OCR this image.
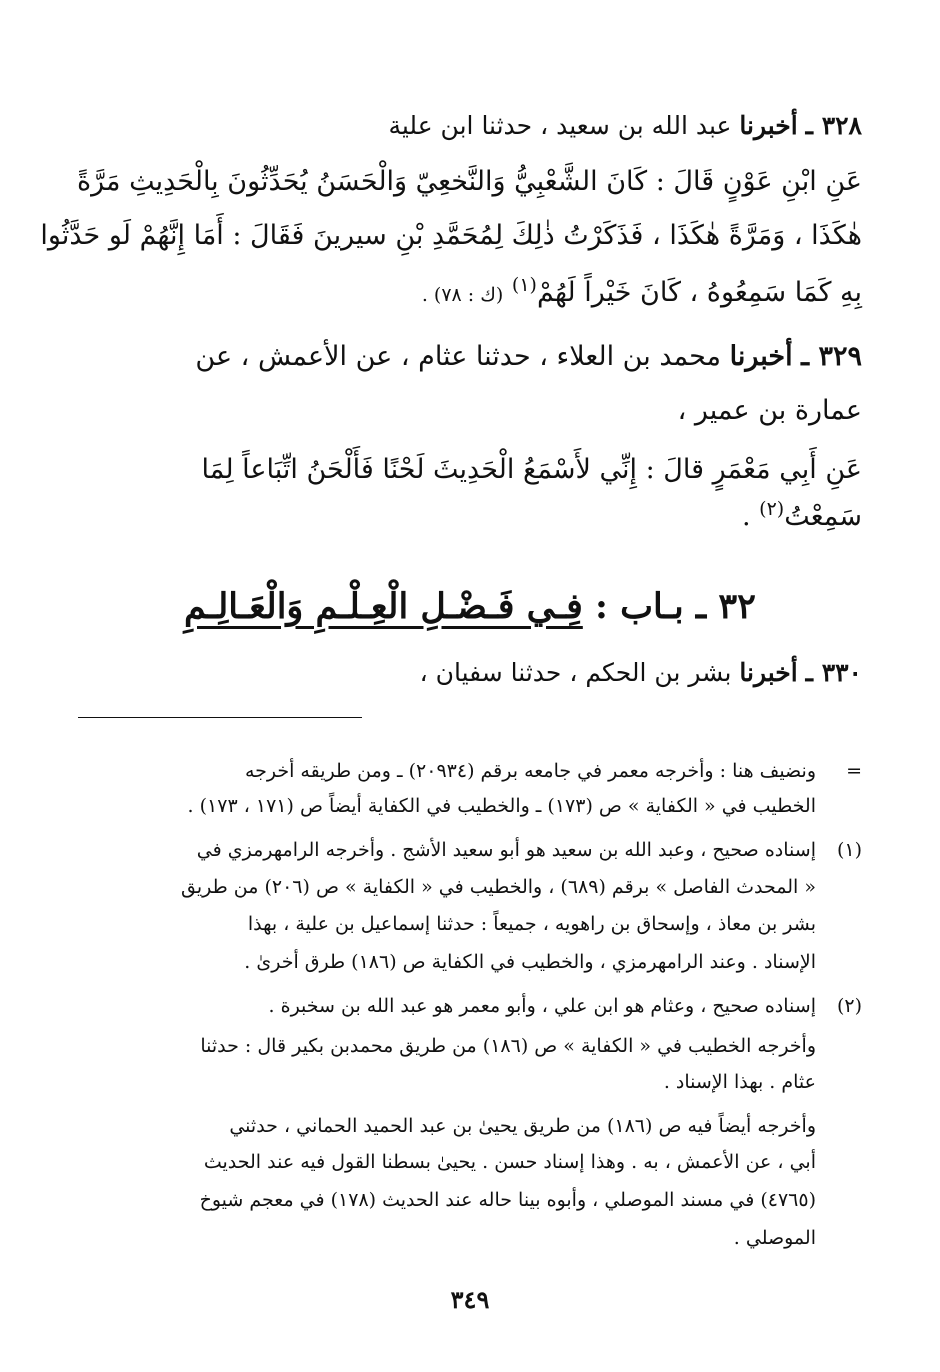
٣٢٨ ـ أخبرنا عبد الله بن سعيد ، حدثنا ابن علية
عَنِ ابْنِ عَوْنٍ قَالَ : كَانَ الشَّعْبِيُّ وَالنَّخعِيّ وَالْحَسَنُ يُحَدِّثُونَ بِالْحَدِيثِ مَرَّةً
هٰكَذَا ، وَمَرَّةً هٰكَذَا ، فَذَكَرْتُ ذٰلِكَ لِمُحَمَّدِ بْنِ سيرينَ فَقَالَ : أَمَا إِنَّهُمْ لَو حَدَّثُوا
بِهِ كَمَا سَمِعُوهُ ، كَانَ خَيْراً لَهُمْ$^{(١)}$ (ك : ٧٨) .
٣٢٩ ـ أخبرنا محمد بن العلاء ، حدثنا عثام ، عن الأعمش ، عن
عمارة بن عمير ،
عَنِ أَبِي مَعْمَرٍ قالَ : إِنِّي لأَسْمَعُ الْحَدِيثَ لَحْنًا فَأَلْحَنُ اتِّبَاعاً لِمَا
سَمِعْتُ$^{(٢)}$ .
٣٢ ـ بـاب : فِـي فَـضْـلِ الْعِـلْـمِ وَالْعَـالِـمِ
٣٣٠ ـ أخبرنا بشر بن الحكم ، حدثنا سفيان ،
=
ونضيف هنا : وأخرجه معمر في جامعه برقم (٢٠٩٣٤) ـ ومن طريقه أخرجه
الخطيب في « الكفاية » ص (١٧٣) ـ والخطيب في الكفاية أيضاً ص (١٧١ ، ١٧٣) .
(١)
إسناده صحيح ، وعبد الله بن سعيد هو أبو سعيد الأشج . وأخرجه الرامهرمزي في
« المحدث الفاصل » برقم (٦٨٩) ، والخطيب في « الكفاية » ص (٢٠٦) من طريق
بشر بن معاذ ، وإسحاق بن راهويه ، جميعاً : حدثنا إسماعيل بن علية ، بهذا
الإسناد . وعند الرامهرمزي ، والخطيب في الكفاية ص (١٨٦) طرق أخرىٰ .
(٢)
إسناده صحيح ، وعثام هو ابن علي ، وأبو معمر هو عبد الله بن سخبرة .
وأخرجه الخطيب في « الكفاية » ص (١٨٦) من طريق محمدبن بكير قال : حدثنا
عثام . بهذا الإسناد .
وأخرجه أيضاً فيه ص (١٨٦) من طريق يحيىٰ بن عبد الحميد الحماني ، حدثني
أبي ، عن الأعمش ، به . وهذا إسناد حسن . يحيىٰ بسطنا القول فيه عند الحديث
(٤٧٦٥) في مسند الموصلي ، وأبوه بينا حاله عند الحديث (١٧٨) في معجم شيوخ
الموصلي .
٣٤٩
